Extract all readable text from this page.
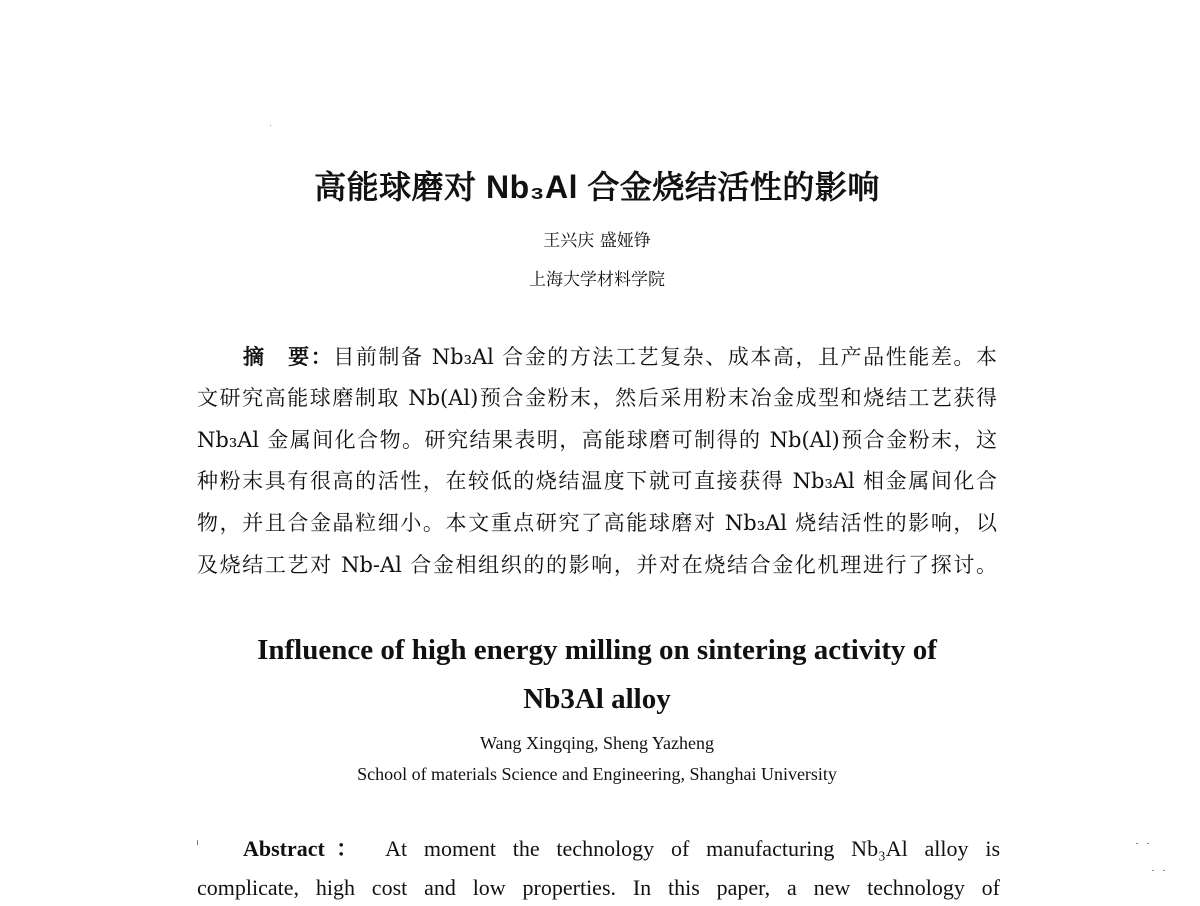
高能球磨对 Nb₃Al 合金烧结活性的影响
王兴庆 盛娅铮
上海大学材料学院
摘　要：目前制备 Nb₃Al 合金的方法工艺复杂、成本高，且产品性能差。本
文研究高能球磨制取 Nb(Al)预合金粉末，然后采用粉末冶金成型和烧结工艺获得
Nb₃Al 金属间化合物。研究结果表明，高能球磨可制得的 Nb(Al)预合金粉末，这
种粉末具有很高的活性，在较低的烧结温度下就可直接获得 Nb₃Al 相金属间化合
物，并且合金晶粒细小。本文重点研究了高能球磨对 Nb₃Al 烧结活性的影响，以
及烧结工艺对 Nb-Al 合金相组织的的影响，并对在烧结合金化机理进行了探讨。
Influence of high energy milling on sintering activity of
Nb3Al alloy
Wang Xingqing, Sheng Yazheng
School of materials Science and Engineering, Shanghai University
Abstract： At moment the technology of manufacturing Nb₃Al alloy is
complicate, high cost and low properties. In this paper, a new technology of
